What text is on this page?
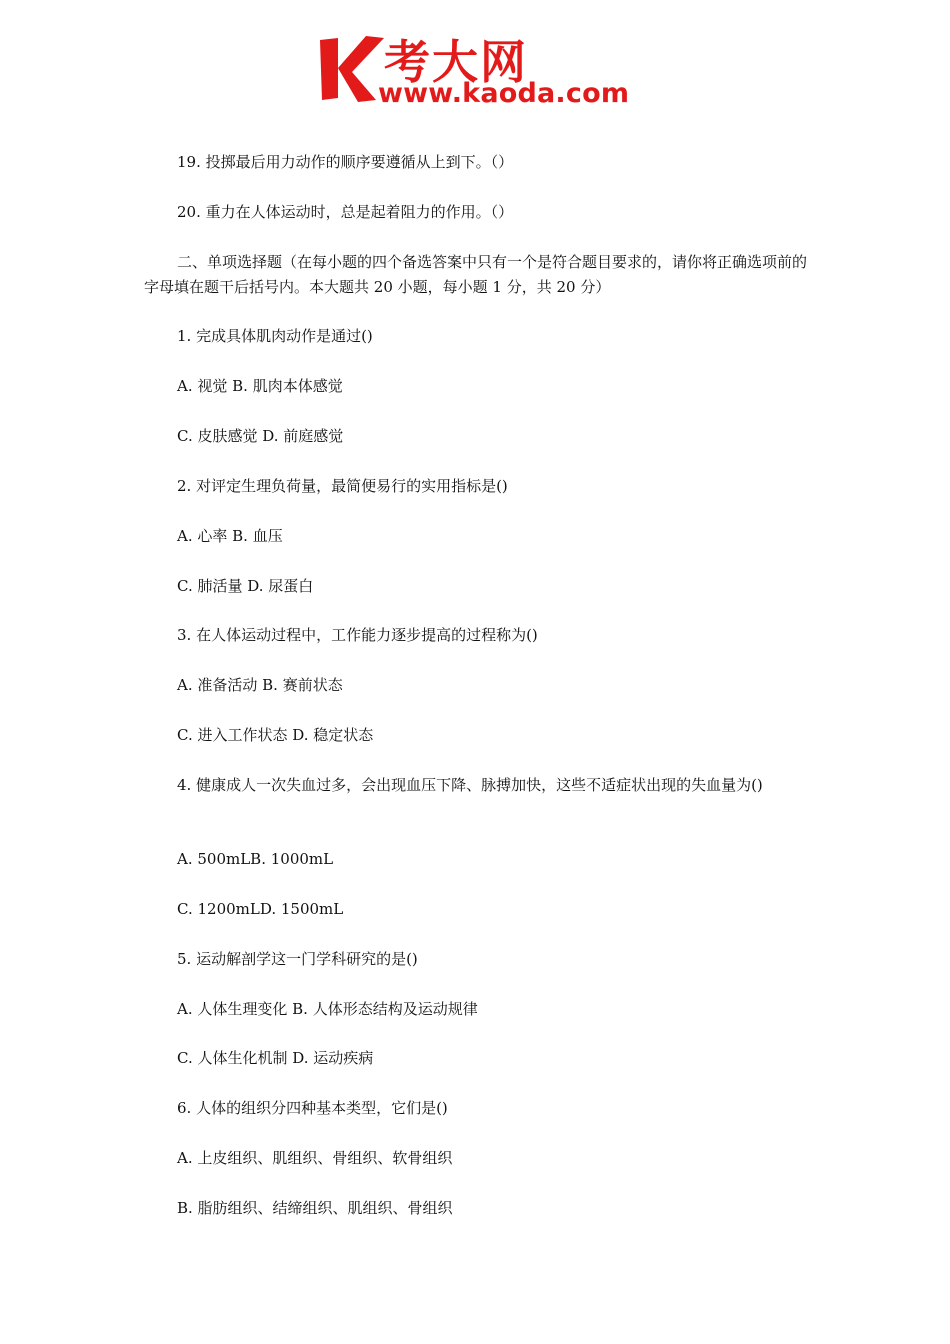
考大网
www.kaoda.com
19. 投掷最后用力动作的顺序要遵循从上到下。（）
20. 重力在人体运动时，总是起着阻力的作用。（）
二、单项选择题（在每小题的四个备选答案中只有一个是符合题目要求的，请你将正确选项前的字母填在题干后括号内。本大题共 20 小题，每小题 1 分，共 20 分）
1. 完成具体肌肉动作是通过()
A. 视觉 B. 肌肉本体感觉
C. 皮肤感觉 D. 前庭感觉
2. 对评定生理负荷量，最简便易行的实用指标是()
A. 心率 B. 血压
C. 肺活量 D. 尿蛋白
3. 在人体运动过程中，工作能力逐步提高的过程称为()
A. 准备活动 B. 赛前状态
C. 进入工作状态 D. 稳定状态
4. 健康成人一次失血过多，会出现血压下降、脉搏加快，这些不适症状出现的失血量为()
A. 500mLB. 1000mL
C. 1200mLD. 1500mL
5. 运动解剖学这一门学科研究的是()
A. 人体生理变化 B. 人体形态结构及运动规律
C. 人体生化机制 D. 运动疾病
6. 人体的组织分四种基本类型，它们是()
A. 上皮组织、肌组织、骨组织、软骨组织
B. 脂肪组织、结缔组织、肌组织、骨组织
